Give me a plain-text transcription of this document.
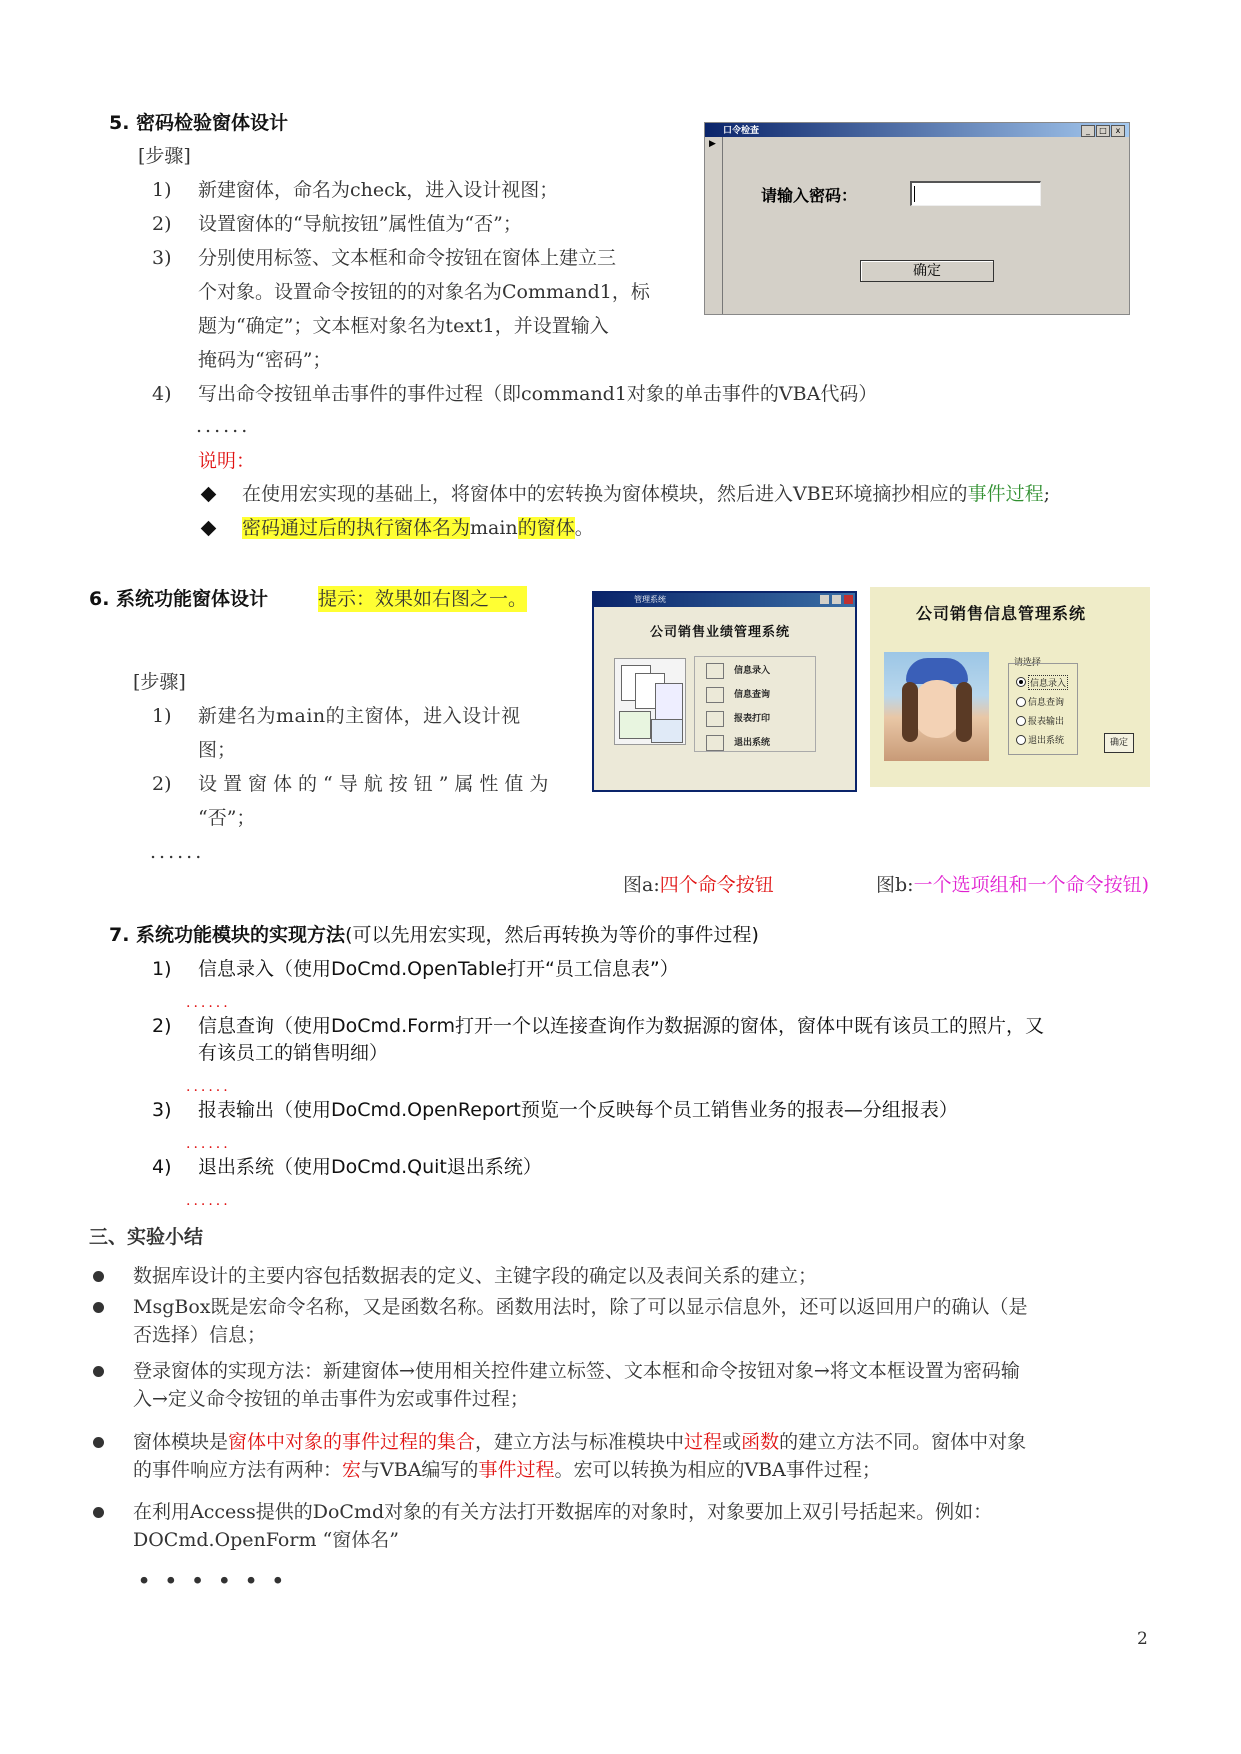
5. 密码检验窗体设计
[步骤]
1) 新建窗体，命名为check，进入设计视图；
2) 设置窗体的“导航按钮”属性值为“否”；
3) 分别使用标签、文本框和命令按钮在窗体上建立三
个对象。设置命令按钮的的对象名为Command1，标
题为“确定”；文本框对象名为text1，并设置输入
掩码为“密码”；
4) 写出命令按钮单击事件的事件过程（即command1对象的单击事件的VBA代码）
......
说明：
在使用宏实现的基础上，将窗体中的宏转换为窗体模块，然后进入VBE环境摘抄相应的事件过程;
密码通过后的执行窗体名为main的窗体。
口令检查	_	□	x
▶
请输入密码：
确定
6. 系统功能窗体设计	提示：效果如右图之一。
[步骤]
1) 新建名为main的主窗体，进入设计视
图；
2) 设置窗体的“导航按钮”属性值为
“否”；
......
管理系统
公司销售业绩管理系统
信息录入
信息查询
报表打印
退出系统
公司销售信息管理系统
请选择
信息录入
信息查询
报表输出
退出系统	确定
图a:四个命令按钮	图b:一个选项组和一个命令按钮)
7. 系统功能模块的实现方法(可以先用宏实现，然后再转换为等价的事件过程)
1) 信息录入（使用DoCmd.OpenTable打开“员工信息表”）
......
2) 信息查询（使用DoCmd.Form打开一个以连接查询作为数据源的窗体，窗体中既有该员工的照片，又
有该员工的销售明细）
......
3) 报表输出（使用DoCmd.OpenReport预览一个反映每个员工销售业务的报表—分组报表）
......
4) 退出系统（使用DoCmd.Quit退出系统）
......
三、实验小结
数据库设计的主要内容包括数据表的定义、主键字段的确定以及表间关系的建立；
MsgBox既是宏命令名称，又是函数名称。函数用法时，除了可以显示信息外，还可以返回用户的确认（是
否选择）信息；
登录窗体的实现方法：新建窗体→使用相关控件建立标签、文本框和命令按钮对象→将文本框设置为密码输
入→定义命令按钮的单击事件为宏或事件过程；
窗体模块是窗体中对象的事件过程的集合，建立方法与标准模块中过程或函数的建立方法不同。窗体中对象
的事件响应方法有两种：宏与VBA编写的事件过程。宏可以转换为相应的VBA事件过程；
在利用Access提供的DoCmd对象的有关方法打开数据库的对象时，对象要加上双引号括起来。例如：
DOCmd.OpenForm “窗体名”
• • • • • •
2
